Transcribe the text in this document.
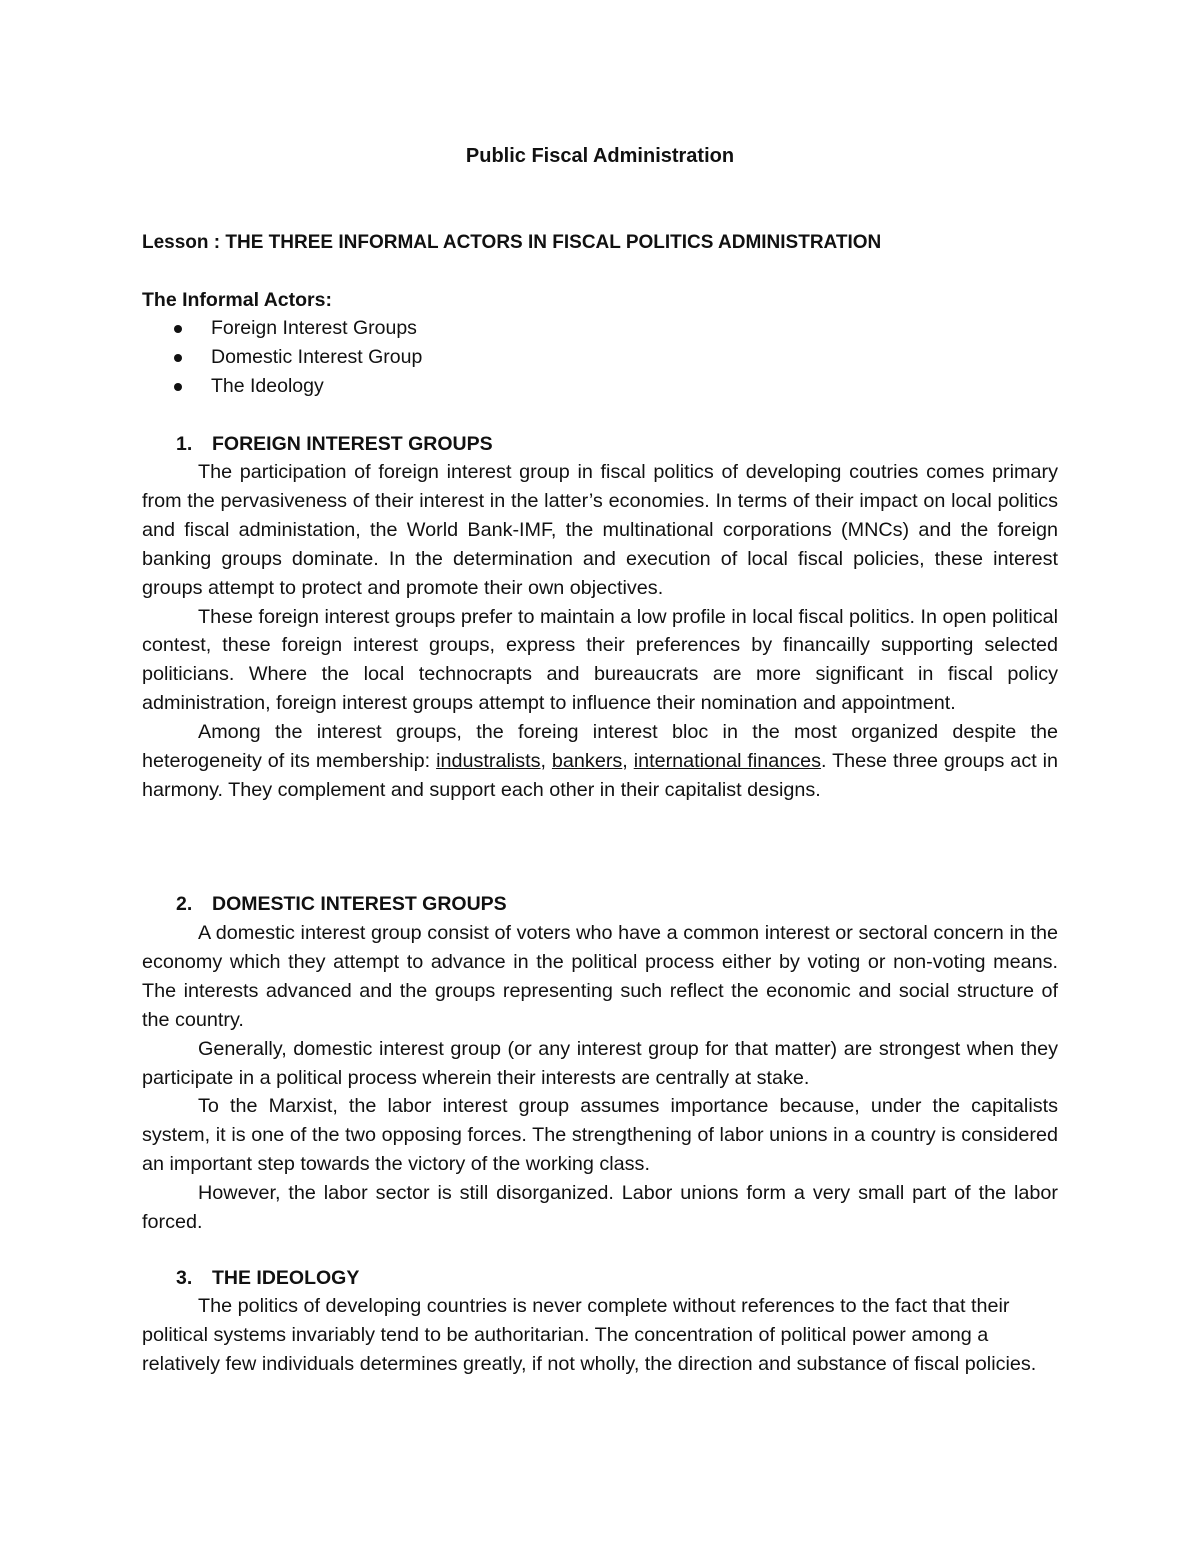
Public Fiscal Administration
Lesson : THE THREE INFORMAL ACTORS IN FISCAL POLITICS ADMINISTRATION
The Informal Actors:
Foreign Interest Groups
Domestic Interest Group
The Ideology
1. FOREIGN INTEREST GROUPS

The participation of foreign interest group in fiscal politics of developing coutries comes primary from the pervasiveness of their interest in the latter’s economies. In terms of their impact on local politics and fiscal administation, the World Bank-IMF, the multinational corporations (MNCs) and the foreign banking groups dominate. In the determination and execution of local fiscal policies, these interest groups attempt to protect and promote their own objectives.

These foreign interest groups prefer to maintain a low profile in local fiscal politics. In open political contest, these foreign interest groups, express their preferences by financailly supporting selected politicians. Where the local technocrapts and bureaucrats are more significant in fiscal policy administration, foreign interest groups attempt to influence their nomination and appointment.

Among the interest groups, the foreing interest bloc in the most organized despite the heterogeneity of its membership: industralists, bankers, international finances. These three groups act in harmony. They complement and support each other in their capitalist designs.

2. DOMESTIC INTEREST GROUPS

A domestic interest group consist of voters who have a common interest or sectoral concern in the economy which they attempt to advance in the political process either by voting or non-voting means. The interests advanced and the groups representing such reflect the economic and social structure of the country.

Generally, domestic interest group (or any interest group for that matter) are strongest when they participate in a political process wherein their interests are centrally at stake.

To the Marxist, the labor interest group assumes importance because, under the capitalists system, it is one of the two opposing forces. The strengthening of labor unions in a country is considered an important step towards the victory of the working class.

However, the labor sector is still disorganized. Labor unions form a very small part of the labor forced.

3. THE IDEOLOGY

The politics of developing countries is never complete without references to the fact that their political systems invariably tend to be authoritarian. The concentration of political power among a relatively few individuals determines greatly, if not wholly, the direction and substance of fiscal policies.
